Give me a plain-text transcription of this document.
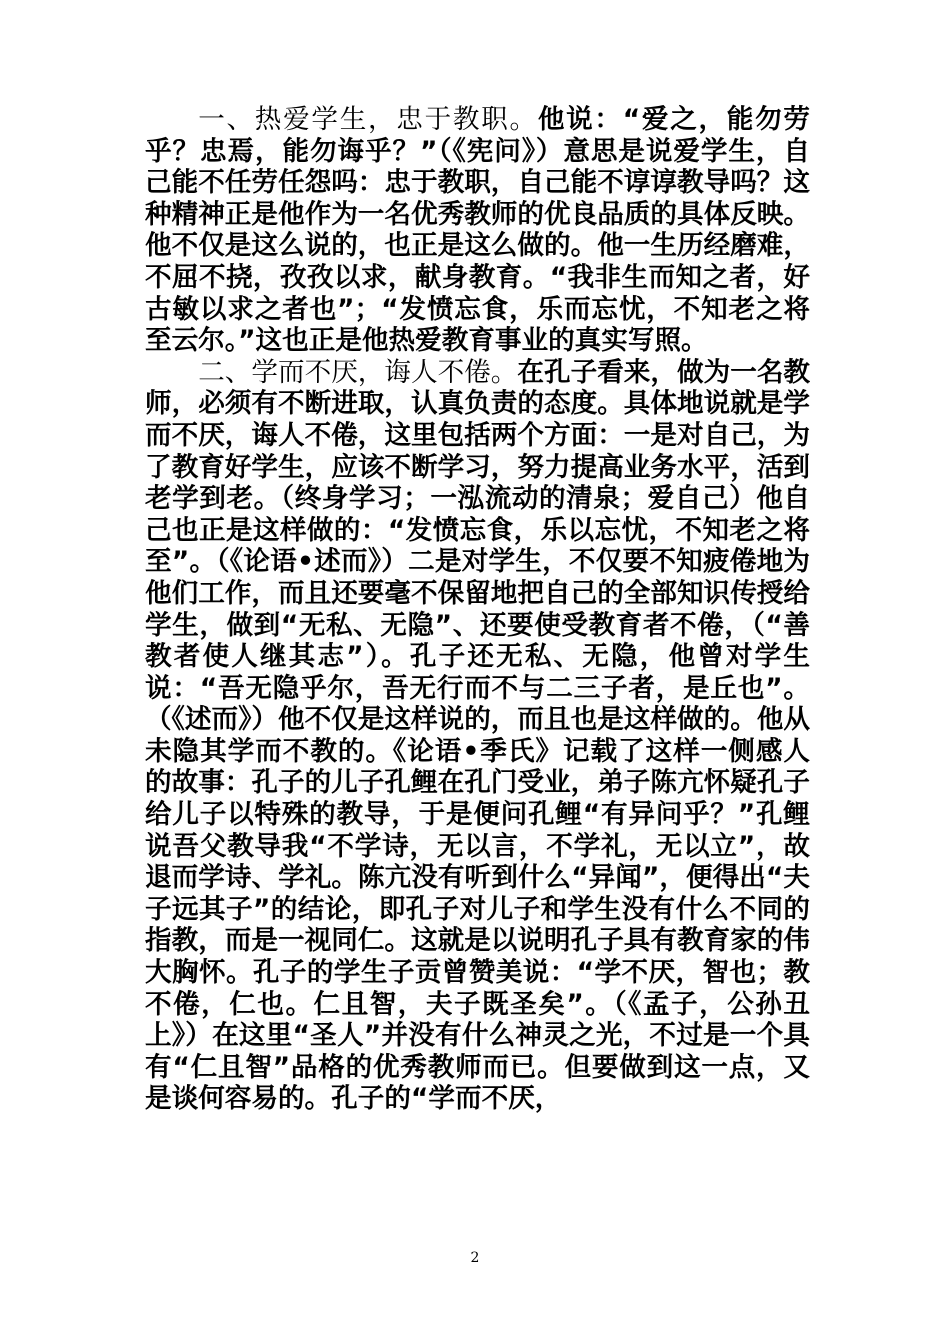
一、热爱学生，忠于教职。他说：“爱之，能勿劳乎？忠焉，能勿诲乎？”（《宪问》）意思是说爱学生，自己能不任劳任怨吗：忠于教职，自己能不谆谆教导吗？这种精神正是他作为一名优秀教师的优良品质的具体反映。他不仅是这么说的，也正是这么做的。他一生历经磨难，不屈不挠，孜孜以求，献身教育。“我非生而知之者，好古敏以求之者也”；“发愤忘食，乐而忘忧，不知老之将至云尔。”这也正是他热爱教育事业的真实写照。

二、学而不厌，诲人不倦。在孔子看来，做为一名教师，必须有不断进取，认真负责的态度。具体地说就是学而不厌，诲人不倦，这里包括两个方面：一是对自己，为了教育好学生，应该不断学习，努力提高业务水平，活到老学到老。（终身学习；一泓流动的清泉；爱自己）他自己也正是这样做的：“发愤忘食，乐以忘忧，不知老之将至”。（《论语•述而》）二是对学生，不仅要不知疲倦地为他们工作，而且还要毫不保留地把自己的全部知识传授给学生，做到“无私、无隐”、还要使受教育者不倦，（“善教者使人继其志”）。孔子还无私、无隐，他曾对学生说：“吾无隐乎尔，吾无行而不与二三子者，是丘也”。（《述而》）他不仅是这样说的，而且也是这样做的。他从未隐其学而不教的。《论语•季氏》记载了这样一侧感人的故事：孔子的儿子孔鲤在孔门受业，弟子陈亢怀疑孔子给儿子以特殊的教导，于是便问孔鲤“有异问乎？”孔鲤说吾父教导我“不学诗，无以言，不学礼，无以立”，故退而学诗、学礼。陈亢没有听到什么“异闻”，便得出“夫子远其子”的结论，即孔子对儿子和学生没有什么不同的指教，而是一视同仁。这就是以说明孔子具有教育家的伟大胸怀。孔子的学生子贡曾赞美说：“学不厌，智也；教不倦，仁也。仁且智，夫子既圣矣”。（《孟子，公孙丑上》）在这里“圣人”并没有什么神灵之光，不过是一个具有“仁且智”品格的优秀教师而已。但要做到这一点，又是谈何容易的。孔子的“学而不厌，

2
